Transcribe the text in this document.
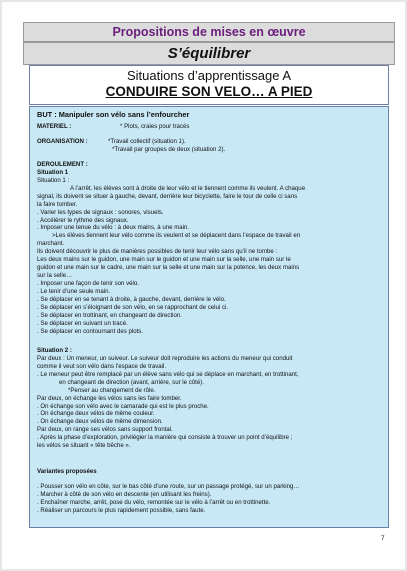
Propositions de mises en œuvre
S’équilibrer
Situations d’apprentissage A
CONDUIRE SON VELO… A PIED
BUT : Manipuler son vélo sans l’enfourcher
MATERIEL :	* Plots, craies pour tracés
ORGANISATION :	*Travail collectif (situation 1).
*Travail par groupes de deux (situation 2).
DEROULEMENT :
Situation 1
Situation 1 :
A l’arrêt. les élèves sont à droite de leur vélo et le tiennent comme ils veulent. A chaque
signal, ils doivent se situer à gauche, devant, derrière leur bicyclette, faire le tour de celle ci sans
la faire tomber.
. Varier les types de signaux : sonores, visuels.
. Accélérer le rythme des signaux.
. Imposer une tenue du vélo : à deux mains, à une main.
>Les élèves tiennent leur vélo comme ils veulent et se déplacent dans l’espace de travail en
marchant.
Ils doivent découvrir le plus de manières possibles de tenir leur vélo sans qu’il ne tombe :
Les deux mains sur le guidon, une main sur le guidon et une main sur la selle, une main sur le
guidon et une main sur le cadre, une main sur la selle et une main sur la potence, les deux mains
sur la selle…
. Imposer une façon de tenir son vélo.
. Le tenir d’une seule main.
. Se déplacer en se tenant à droite, à gauche, devant, derrière le vélo.
. Se déplacer en s’éloignant de son vélo, en se rapprochant de celui ci.
. Se déplacer en trottinant, en changeant de direction.
. Se déplacer en suivant un tracé.
. Se déplacer en contournant des plots.
Situation 2 :
Par deux : Un meneur, un suiveur. Le suiveur doit reproduire les actions du meneur qui conduit
comme il veut son vélo dans l’espace de travail.
. Le meneur peut être remplacé par un élève sans vélo qui se déplace en marchant, en trottinant,
en changeant de direction (avant, arrière, sur le côté).
*Penser au changement de rôle.
Par deux, on échange les vélos sans les faire tomber.
. On échange son vélo avec le camarade qui est le plus proche.
. On échange deux vélos de même couleur.
. On échange deux vélos de même dimension.
Par deux, on range ses vélos sans support frontal.
. Après la phase d’exploration, privilégier la manière qui consiste à trouver un point d’équilibre ;
les vélos se situant « tête bêche ».
Variantes proposées
. Pousser son vélo en côte, sur le bas côté d’une route, sur un passage protégé, sur un parking…
. Marcher à côté de son vélo en descente (en utilisant les freins).
. Enchaîner marche, arrêt, pose du vélo, remontée sur le vélo à l’arrêt ou en trottinette.
. Réaliser un parcours le plus rapidement possible, sans faute.
7
